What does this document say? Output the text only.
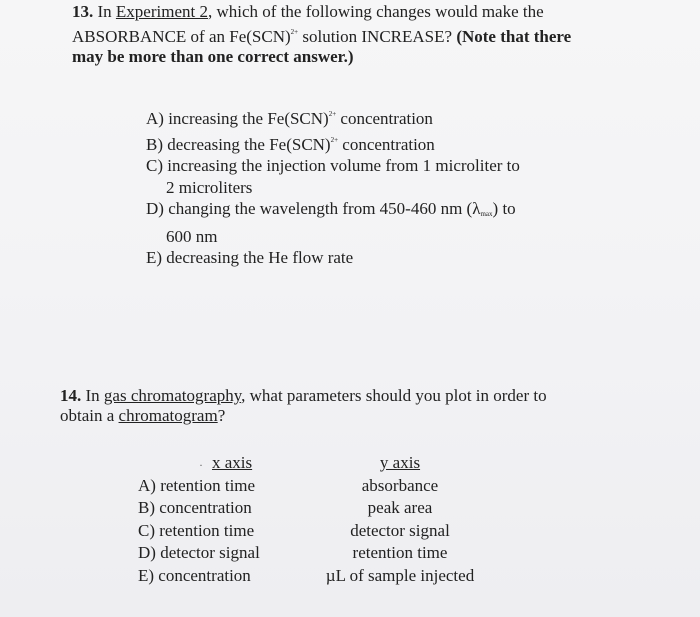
13. In Experiment 2, which of the following changes would make the ABSORBANCE of an Fe(SCN)$^{2+}$ solution INCREASE? (Note that there may be more than one correct answer.)
A) increasing the Fe(SCN)$^{2+}$ concentration
B) decreasing the Fe(SCN)$^{2+}$ concentration
C) increasing the injection volume from 1 microliter to
2 microliters
D) changing the wavelength from 450-460 nm $(\lambda_{max})$ to
600 nm
E) decreasing the He flow rate
14. In gas chromatography, what parameters should you plot in order to obtain a chromatogram?
· x axis
A) retention time
B) concentration
C) retention time
D) detector signal
E) concentration
y axis
absorbance
peak area
detector signal
retention time
µL of sample injected
